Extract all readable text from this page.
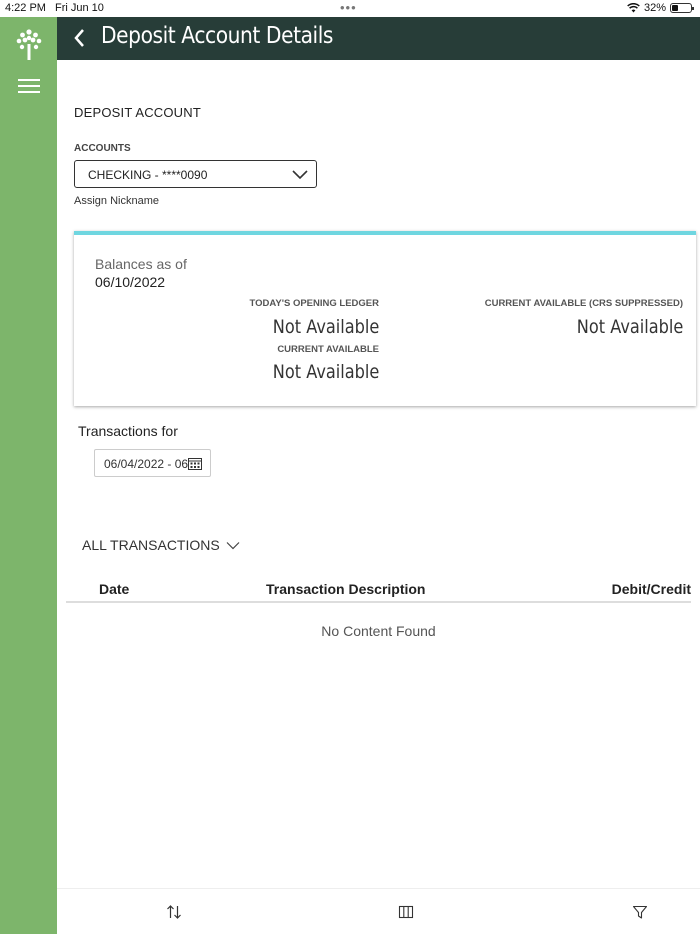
4:22 PM Fri Jun 10	•••	32%
Deposit Account Details
DEPOSIT ACCOUNT
ACCOUNTS
CHECKING - ****0090
Assign Nickname
Balances as of
06/10/2022
TODAY'S OPENING LEDGER
Not Available
CURRENT AVAILABLE
Not Available
CURRENT AVAILABLE (CRS SUPPRESSED)
Not Available
Transactions for
06/04/2022 - 06
ALL TRANSACTIONS
Date	Transaction Description	Debit/Credit
No Content Found
